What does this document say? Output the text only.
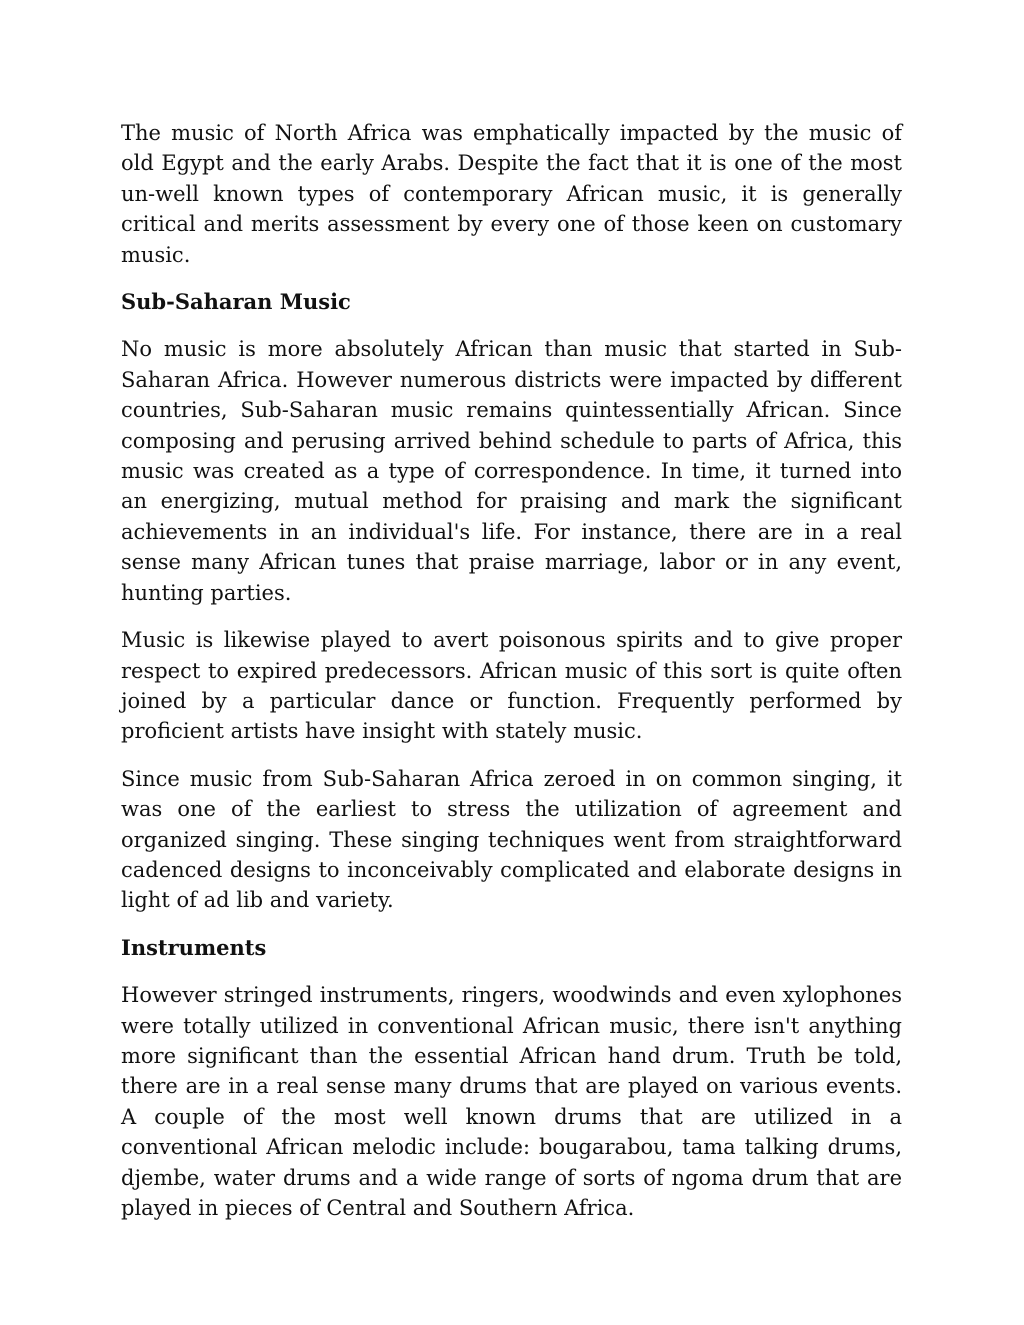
The music of North Africa was emphatically impacted by the music of old Egypt and the early Arabs. Despite the fact that it is one of the most un-well known types of contemporary African music, it is generally critical and merits assessment by every one of those keen on customary music.

Sub-Saharan Music

No music is more absolutely African than music that started in Sub-Saharan Africa. However numerous districts were impacted by different countries, Sub-Saharan music remains quintessentially African. Since composing and perusing arrived behind schedule to parts of Africa, this music was created as a type of correspondence. In time, it turned into an energizing, mutual method for praising and mark the significant achievements in an individual's life. For instance, there are in a real sense many African tunes that praise marriage, labor or in any event, hunting parties.

Music is likewise played to avert poisonous spirits and to give proper respect to expired predecessors. African music of this sort is quite often joined by a particular dance or function. Frequently performed by proficient artists have insight with stately music.

Since music from Sub-Saharan Africa zeroed in on common singing, it was one of the earliest to stress the utilization of agreement and organized singing. These singing techniques went from straightforward cadenced designs to inconceivably complicated and elaborate designs in light of ad lib and variety.

Instruments

However stringed instruments, ringers, woodwinds and even xylophones were totally utilized in conventional African music, there isn't anything more significant than the essential African hand drum. Truth be told, there are in a real sense many drums that are played on various events. A couple of the most well known drums that are utilized in a conventional African melodic include: bougarabou, tama talking drums, djembe, water drums and a wide range of sorts of ngoma drum that are played in pieces of Central and Southern Africa.
